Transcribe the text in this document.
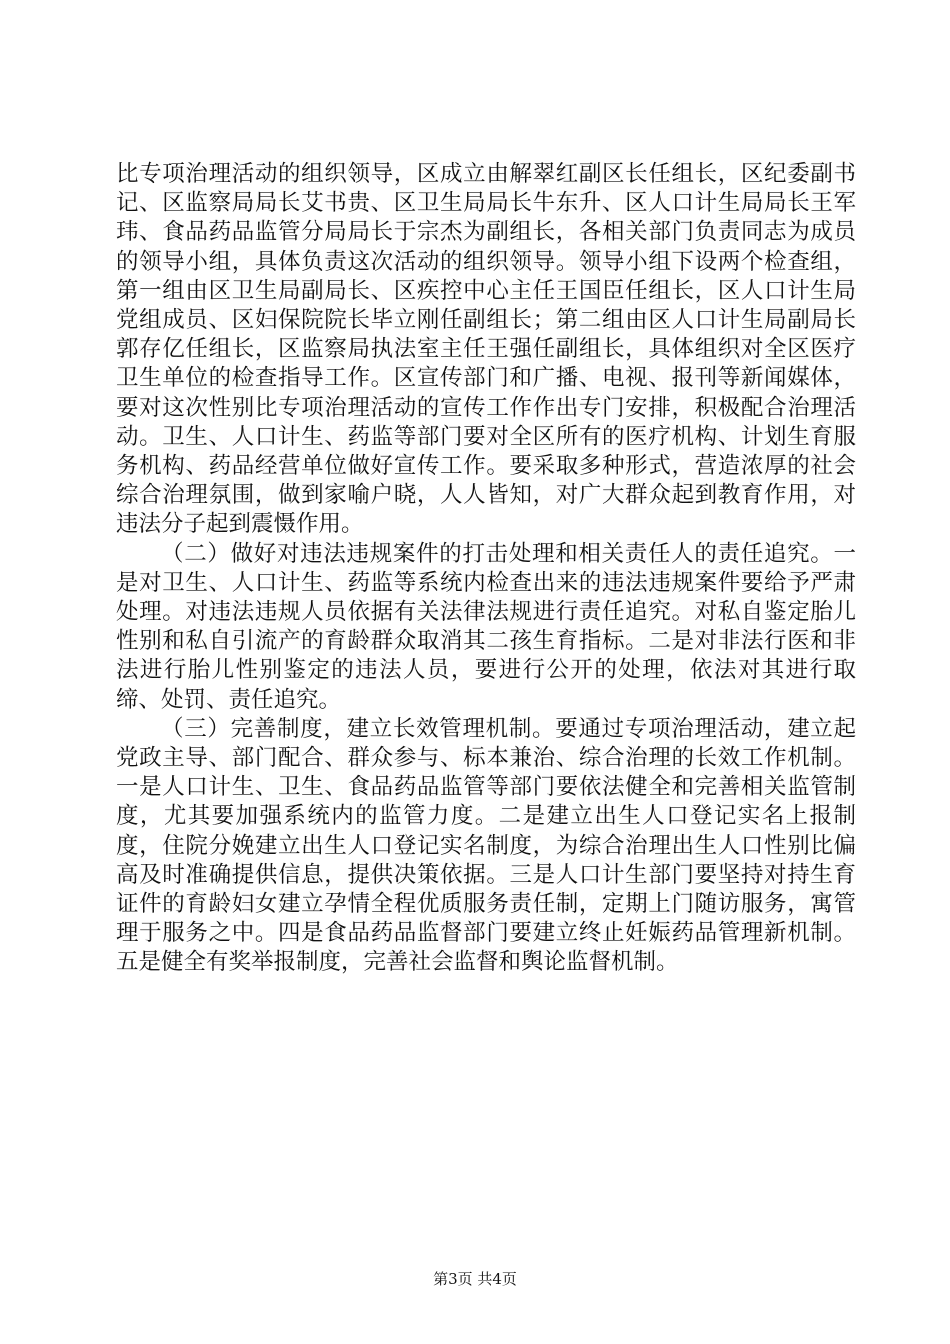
比专项治理活动的组织领导，区成立由解翠红副区长任组长，区纪委副书记、区监察局局长艾书贵、区卫生局局长牛东升、区人口计生局局长王军玮、食品药品监管分局局长于宗杰为副组长，各相关部门负责同志为成员的领导小组，具体负责这次活动的组织领导。领导小组下设两个检查组，第一组由区卫生局副局长、区疾控中心主任王国臣任组长，区人口计生局党组成员、区妇保院院长毕立刚任副组长；第二组由区人口计生局副局长郭存亿任组长，区监察局执法室主任王强任副组长，具体组织对全区医疗卫生单位的检查指导工作。区宣传部门和广播、电视、报刊等新闻媒体，要对这次性别比专项治理活动的宣传工作作出专门安排，积极配合治理活动。卫生、人口计生、药监等部门要对全区所有的医疗机构、计划生育服务机构、药品经营单位做好宣传工作。要采取多种形式，营造浓厚的社会综合治理氛围，做到家喻户晓，人人皆知，对广大群众起到教育作用，对违法分子起到震慑作用。

（二）做好对违法违规案件的打击处理和相关责任人的责任追究。一是对卫生、人口计生、药监等系统内检查出来的违法违规案件要给予严肃处理。对违法违规人员依据有关法律法规进行责任追究。对私自鉴定胎儿性别和私自引流产的育龄群众取消其二孩生育指标。二是对非法行医和非法进行胎儿性别鉴定的违法人员，要进行公开的处理，依法对其进行取缔、处罚、责任追究。

（三）完善制度，建立长效管理机制。要通过专项治理活动，建立起党政主导、部门配合、群众参与、标本兼治、综合治理的长效工作机制。一是人口计生、卫生、食品药品监管等部门要依法健全和完善相关监管制度，尤其要加强系统内的监管力度。二是建立出生人口登记实名上报制度，住院分娩建立出生人口登记实名制度，为综合治理出生人口性别比偏高及时准确提供信息，提供决策依据。三是人口计生部门要坚持对持生育证件的育龄妇女建立孕情全程优质服务责任制，定期上门随访服务，寓管理于服务之中。四是食品药品监督部门要建立终止妊娠药品管理新机制。五是健全有奖举报制度，完善社会监督和舆论监督机制。

第3页 共4页
